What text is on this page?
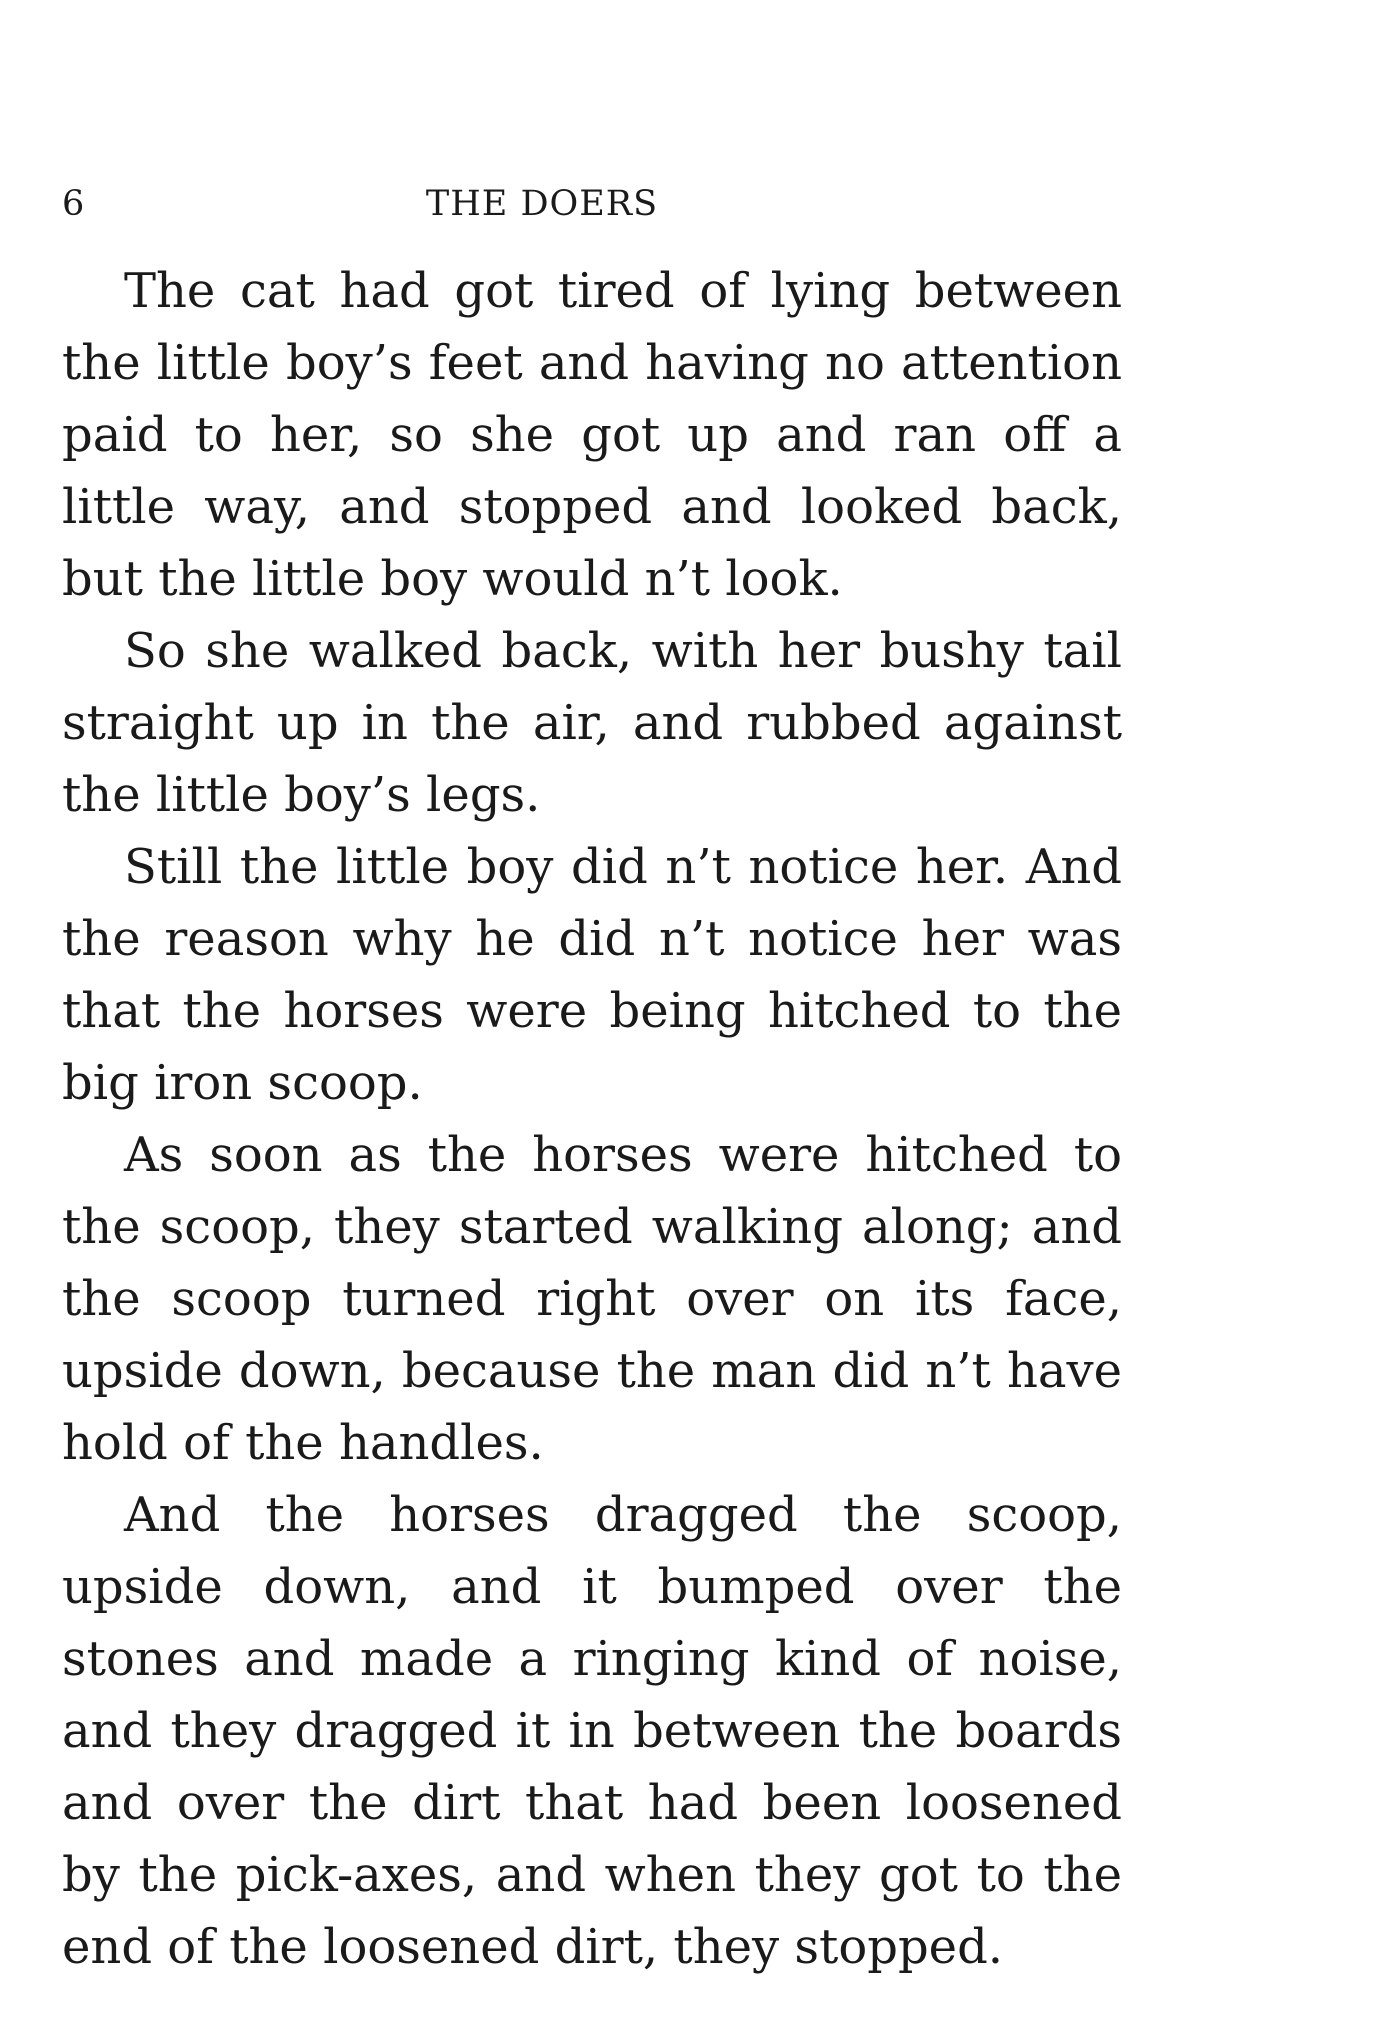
6	THE DOERS

The cat had got tired of lying between the little boy’s feet and having no attention paid to her, so she got up and ran off a little way, and stopped and looked back, but the little boy would n’t look.

So she walked back, with her bushy tail straight up in the air, and rubbed against the little boy’s legs.

Still the little boy did n’t notice her. And the reason why he did n’t notice her was that the horses were being hitched to the big iron scoop.

As soon as the horses were hitched to the scoop, they started walking along; and the scoop turned right over on its face, upside down, because the man did n’t have hold of the handles.

And the horses dragged the scoop, upside down, and it bumped over the stones and made a ringing kind of noise, and they dragged it in between the boards and over the dirt that had been loosened by the pick-axes, and when they got to the end of the loosened dirt, they stopped.
